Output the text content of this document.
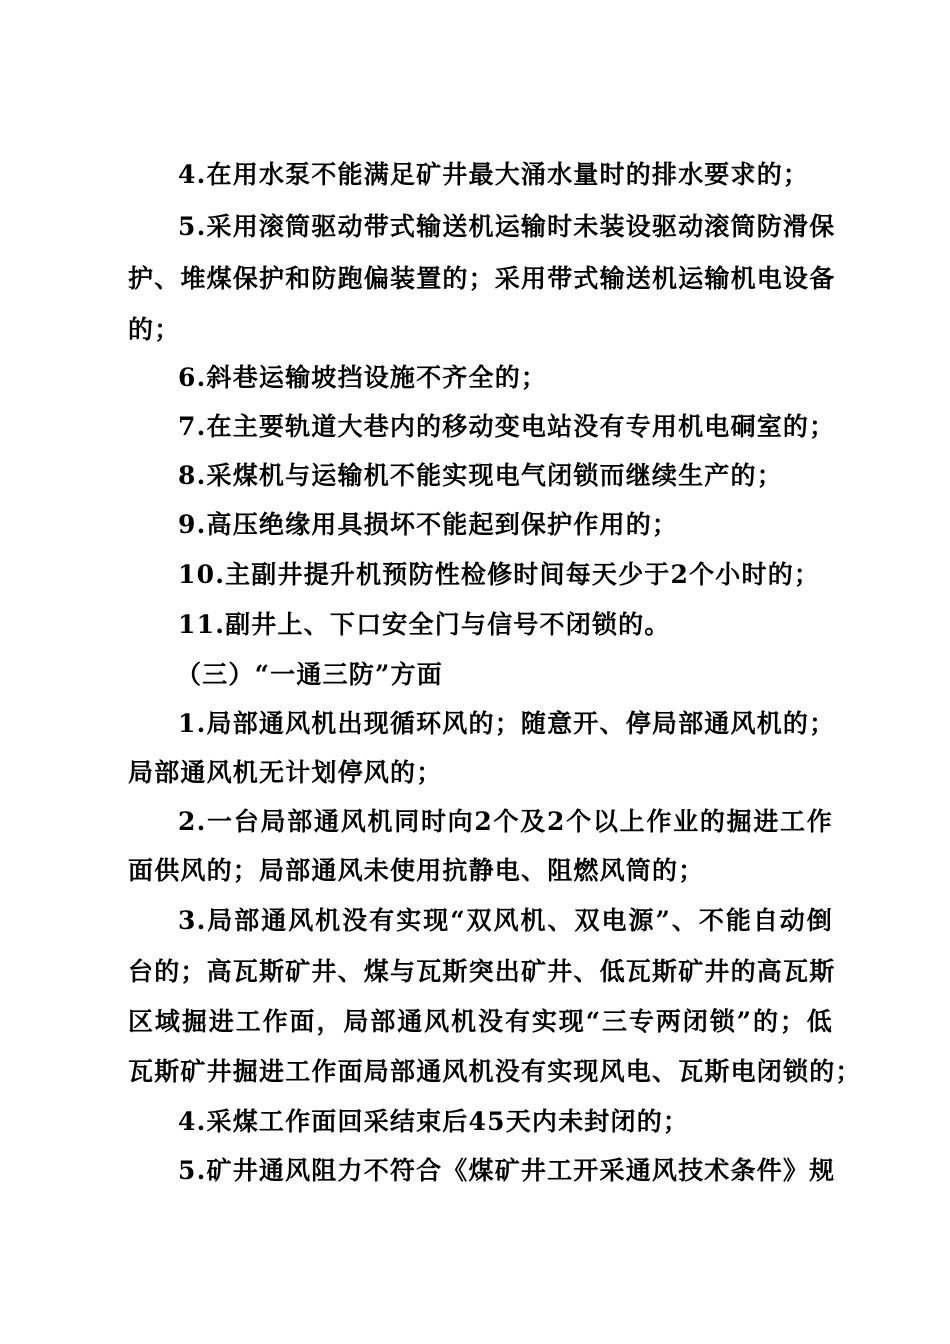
4.在用水泵不能满足矿井最大涌水量时的排水要求的；
5.采用滚筒驱动带式输送机运输时未装设驱动滚筒防滑保
护、堆煤保护和防跑偏装置的；采用带式输送机运输机电设备
的；
6.斜巷运输坡挡设施不齐全的；
7.在主要轨道大巷内的移动变电站没有专用机电硐室的；
8.采煤机与运输机不能实现电气闭锁而继续生产的；
9.高压绝缘用具损坏不能起到保护作用的；
10.主副井提升机预防性检修时间每天少于2个小时的；
11.副井上、下口安全门与信号不闭锁的。
（三）“一通三防”方面
1.局部通风机出现循环风的；随意开、停局部通风机的；
局部通风机无计划停风的；
2.一台局部通风机同时向2个及2个以上作业的掘进工作
面供风的；局部通风未使用抗静电、阻燃风筒的；
3.局部通风机没有实现“双风机、双电源”、不能自动倒
台的；高瓦斯矿井、煤与瓦斯突出矿井、低瓦斯矿井的高瓦斯
区域掘进工作面，局部通风机没有实现“三专两闭锁”的；低
瓦斯矿井掘进工作面局部通风机没有实现风电、瓦斯电闭锁的；
4.采煤工作面回采结束后45天内未封闭的；
5.矿井通风阻力不符合《煤矿井工开采通风技术条件》规
